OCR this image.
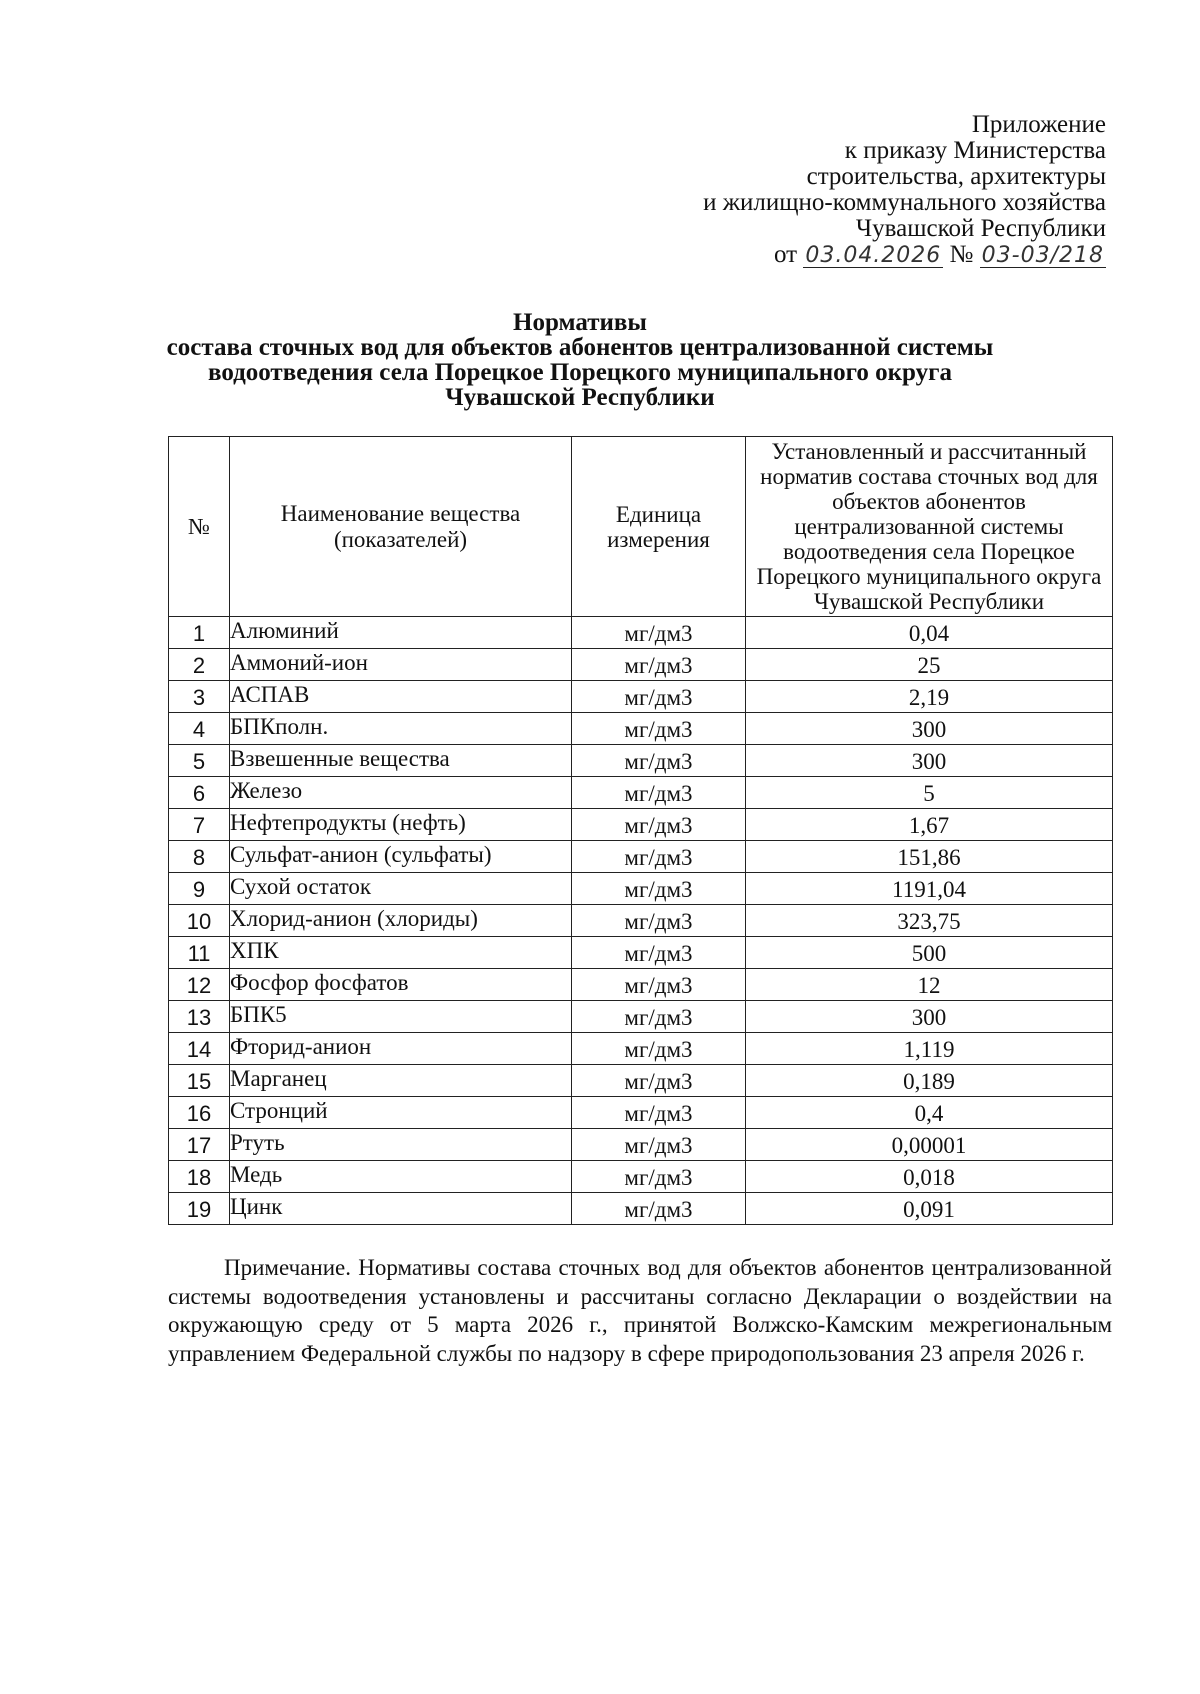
Приложение
к приказу Министерства
строительства, архитектуры
и жилищно-коммунального хозяйства
Чувашской Республики
от 03.04.2026 № 03-03/218
Нормативы
состава сточных вод для объектов абонентов централизованной системы
водоотведения села Порецкое Порецкого муниципального округа
Чувашской Республики
№	Наименование вещества (показателей)	Единица измерения	Установленный и рассчитанный норматив состава сточных вод для объектов абонентов централизованной системы водоотведения села Порецкое Порецкого муниципального округа Чувашской Республики
1	Алюминий	мг/дм3	0,04
2	Аммоний-ион	мг/дм3	25
3	АСПАВ	мг/дм3	2,19
4	БПКполн.	мг/дм3	300
5	Взвешенные вещества	мг/дм3	300
6	Железо	мг/дм3	5
7	Нефтепродукты (нефть)	мг/дм3	1,67
8	Сульфат-анион (сульфаты)	мг/дм3	151,86
9	Сухой остаток	мг/дм3	1191,04
10	Хлорид-анион (хлориды)	мг/дм3	323,75
11	ХПК	мг/дм3	500
12	Фосфор фосфатов	мг/дм3	12
13	БПК5	мг/дм3	300
14	Фторид-анион	мг/дм3	1,119
15	Марганец	мг/дм3	0,189
16	Стронций	мг/дм3	0,4
17	Ртуть	мг/дм3	0,00001
18	Медь	мг/дм3	0,018
19	Цинк	мг/дм3	0,091
Примечание. Нормативы состава сточных вод для объектов абонентов централизованной системы водоотведения установлены и рассчитаны согласно Декларации о воздействии на окружающую среду от 5 марта 2026 г., принятой Волжско-Камским межрегиональным управлением Федеральной службы по надзору в сфере природопользования 23 апреля 2026 г.
